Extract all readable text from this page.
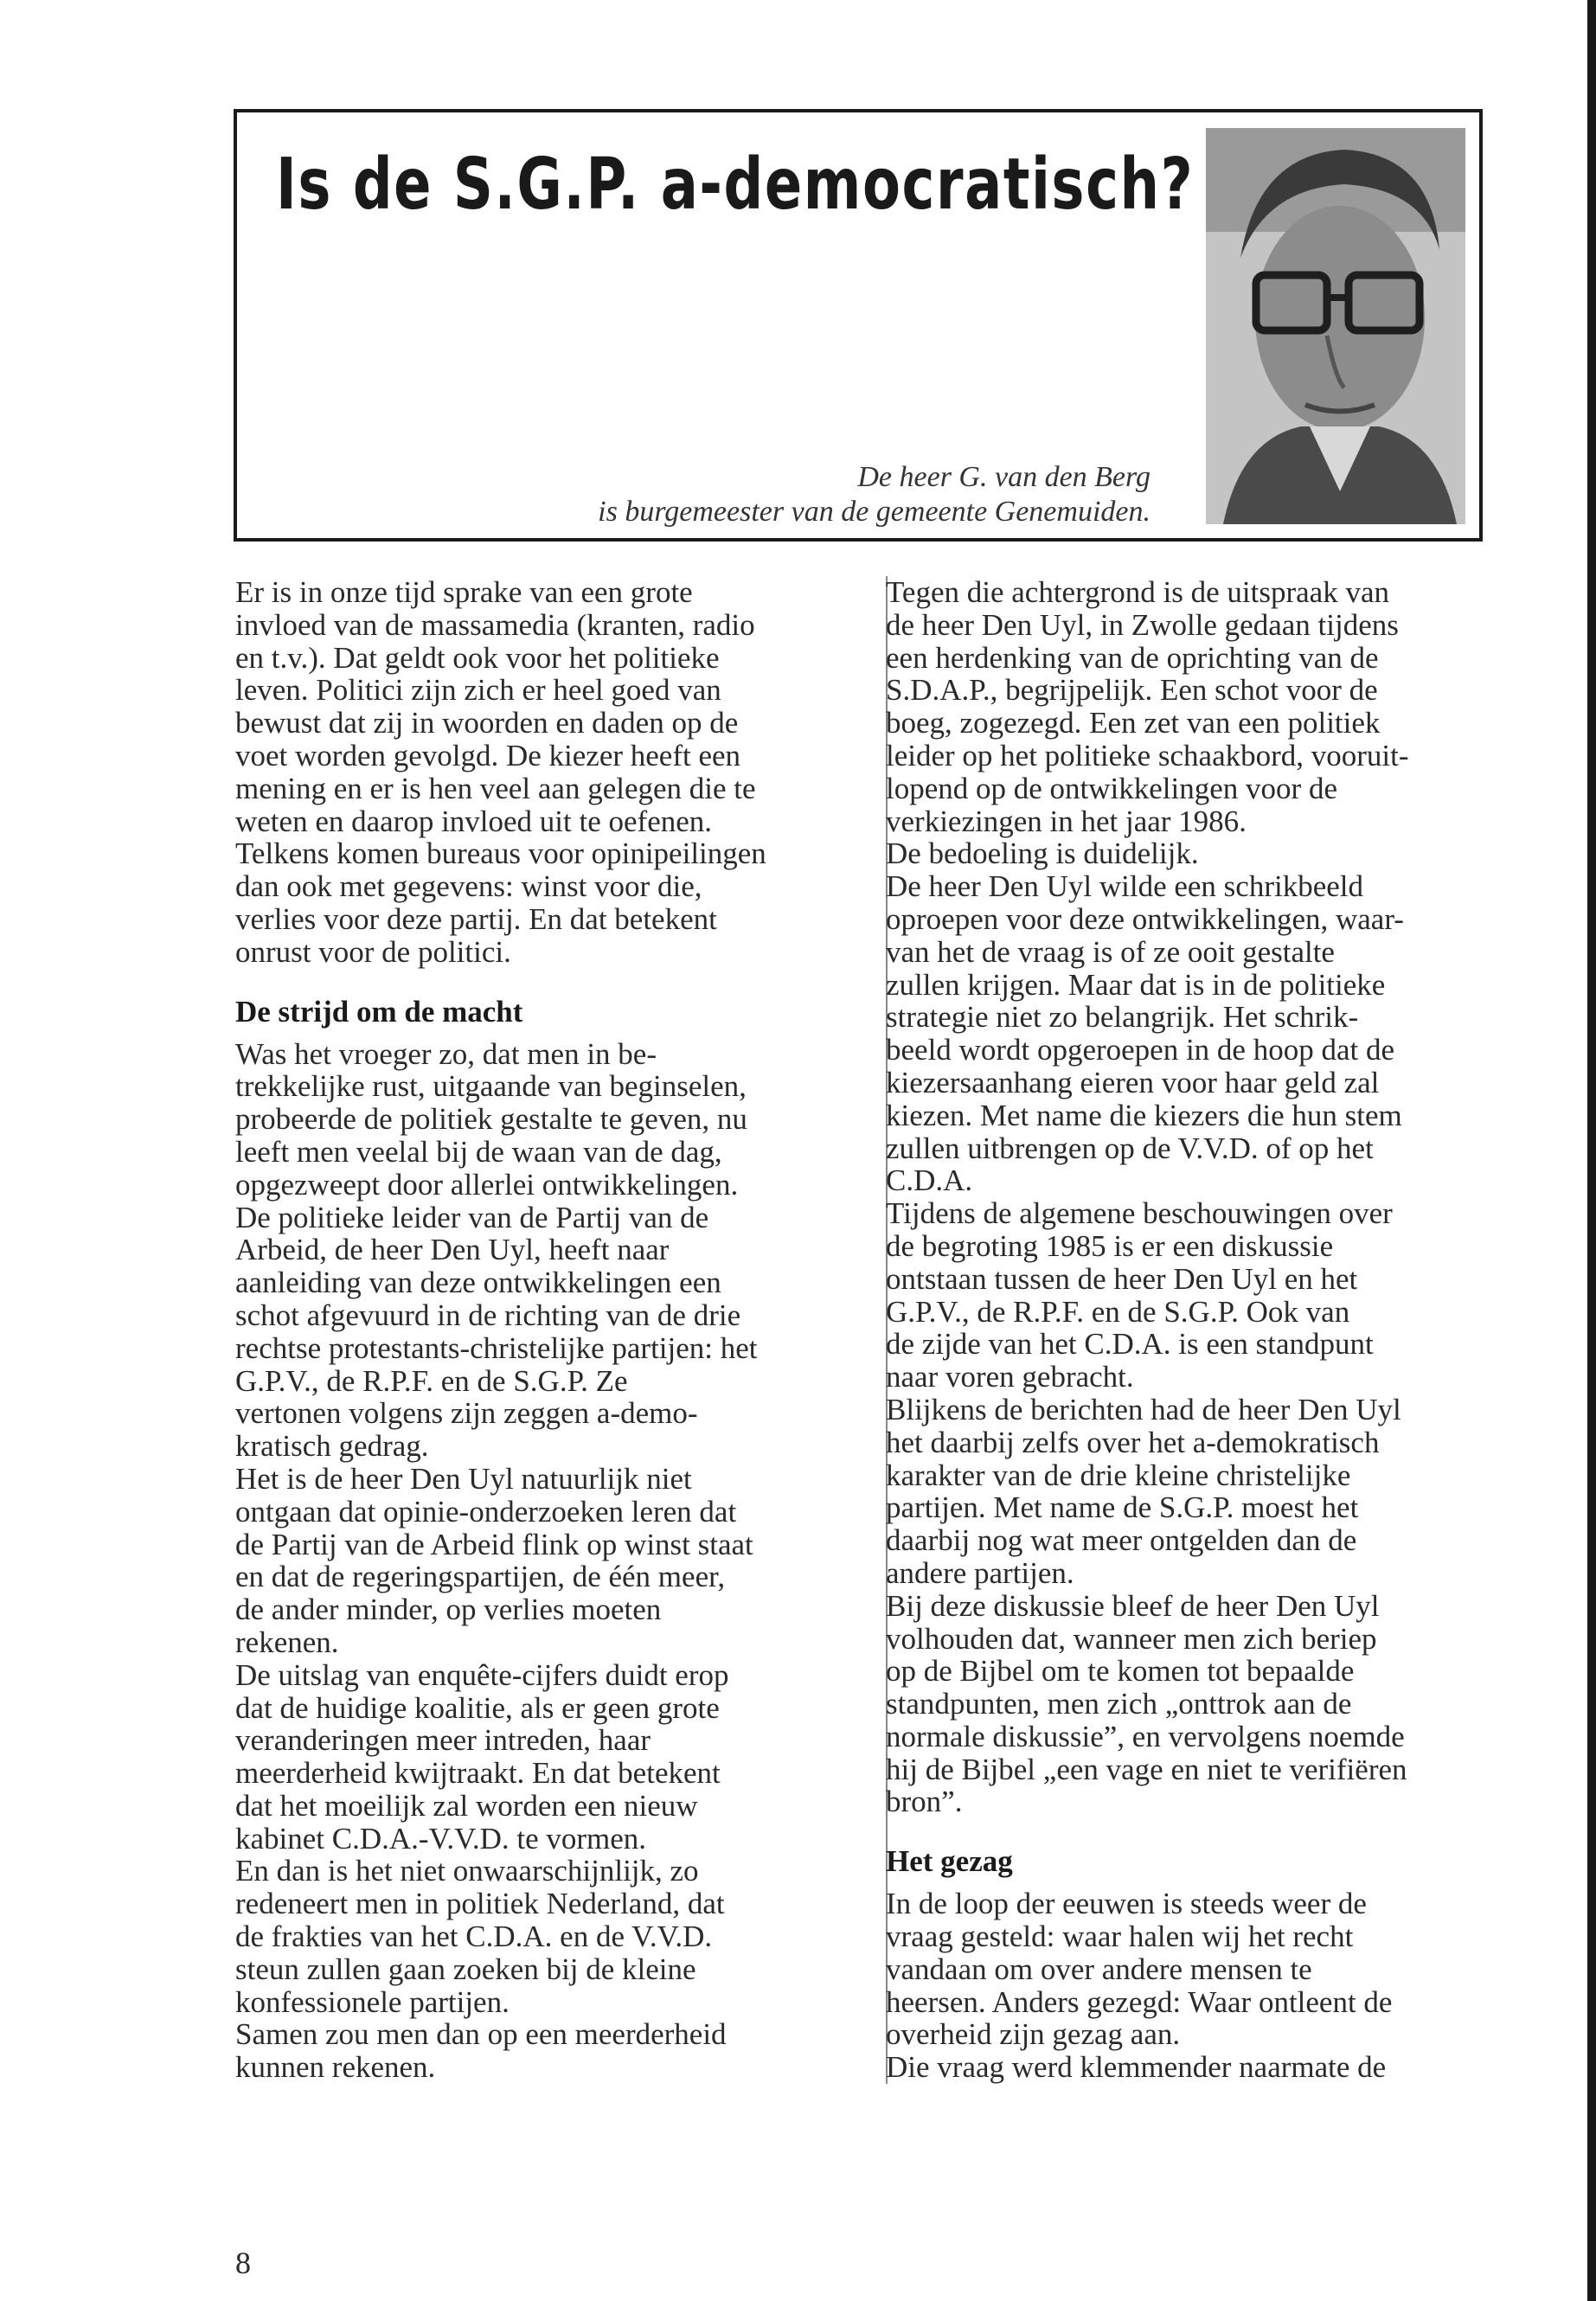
Is de S.G.P. a-democratisch?
De heer G. van den Berg
is burgemeester van de gemeente Genemuiden.

Er is in onze tijd sprake van een grote
invloed van de massamedia (kranten, radio
en t.v.). Dat geldt ook voor het politieke
leven. Politici zijn zich er heel goed van
bewust dat zij in woorden en daden op de
voet worden gevolgd. De kiezer heeft een
mening en er is hen veel aan gelegen die te
weten en daarop invloed uit te oefenen.
Telkens komen bureaus voor opinipeilingen
dan ook met gegevens: winst voor die,
verlies voor deze partij. En dat betekent
onrust voor de politici.

De strijd om de macht

Was het vroeger zo, dat men in be-
trekkelijke rust, uitgaande van beginselen,
probeerde de politiek gestalte te geven, nu
leeft men veelal bij de waan van de dag,
opgezweept door allerlei ontwikkelingen.
De politieke leider van de Partij van de
Arbeid, de heer Den Uyl, heeft naar
aanleiding van deze ontwikkelingen een
schot afgevuurd in de richting van de drie
rechtse protestants-christelijke partijen: het
G.P.V., de R.P.F. en de S.G.P. Ze
vertonen volgens zijn zeggen a-demo-
kratisch gedrag.
Het is de heer Den Uyl natuurlijk niet
ontgaan dat opinie-onderzoeken leren dat
de Partij van de Arbeid flink op winst staat
en dat de regeringspartijen, de één meer,
de ander minder, op verlies moeten
rekenen.
De uitslag van enquête-cijfers duidt erop
dat de huidige koalitie, als er geen grote
veranderingen meer intreden, haar
meerderheid kwijtraakt. En dat betekent
dat het moeilijk zal worden een nieuw
kabinet C.D.A.-V.V.D. te vormen.
En dan is het niet onwaarschijnlijk, zo
redeneert men in politiek Nederland, dat
de frakties van het C.D.A. en de V.V.D.
steun zullen gaan zoeken bij de kleine
konfessionele partijen.
Samen zou men dan op een meerderheid
kunnen rekenen.

Tegen die achtergrond is de uitspraak van
de heer Den Uyl, in Zwolle gedaan tijdens
een herdenking van de oprichting van de
S.D.A.P., begrijpelijk. Een schot voor de
boeg, zogezegd. Een zet van een politiek
leider op het politieke schaakbord, vooruit-
lopend op de ontwikkelingen voor de
verkiezingen in het jaar 1986.
De bedoeling is duidelijk.
De heer Den Uyl wilde een schrikbeeld
oproepen voor deze ontwikkelingen, waar-
van het de vraag is of ze ooit gestalte
zullen krijgen. Maar dat is in de politieke
strategie niet zo belangrijk. Het schrik-
beeld wordt opgeroepen in de hoop dat de
kiezersaanhang eieren voor haar geld zal
kiezen. Met name die kiezers die hun stem
zullen uitbrengen op de V.V.D. of op het
C.D.A.
Tijdens de algemene beschouwingen over
de begroting 1985 is er een diskussie
ontstaan tussen de heer Den Uyl en het
G.P.V., de R.P.F. en de S.G.P. Ook van
de zijde van het C.D.A. is een standpunt
naar voren gebracht.
Blijkens de berichten had de heer Den Uyl
het daarbij zelfs over het a-demokratisch
karakter van de drie kleine christelijke
partijen. Met name de S.G.P. moest het
daarbij nog wat meer ontgelden dan de
andere partijen.
Bij deze diskussie bleef de heer Den Uyl
volhouden dat, wanneer men zich beriep
op de Bijbel om te komen tot bepaalde
standpunten, men zich „onttrok aan de
normale diskussie”, en vervolgens noemde
hij de Bijbel „een vage en niet te verifiëren
bron”.

Het gezag

In de loop der eeuwen is steeds weer de
vraag gesteld: waar halen wij het recht
vandaan om over andere mensen te
heersen. Anders gezegd: Waar ontleent de
overheid zijn gezag aan.
Die vraag werd klemmender naarmate de

8
